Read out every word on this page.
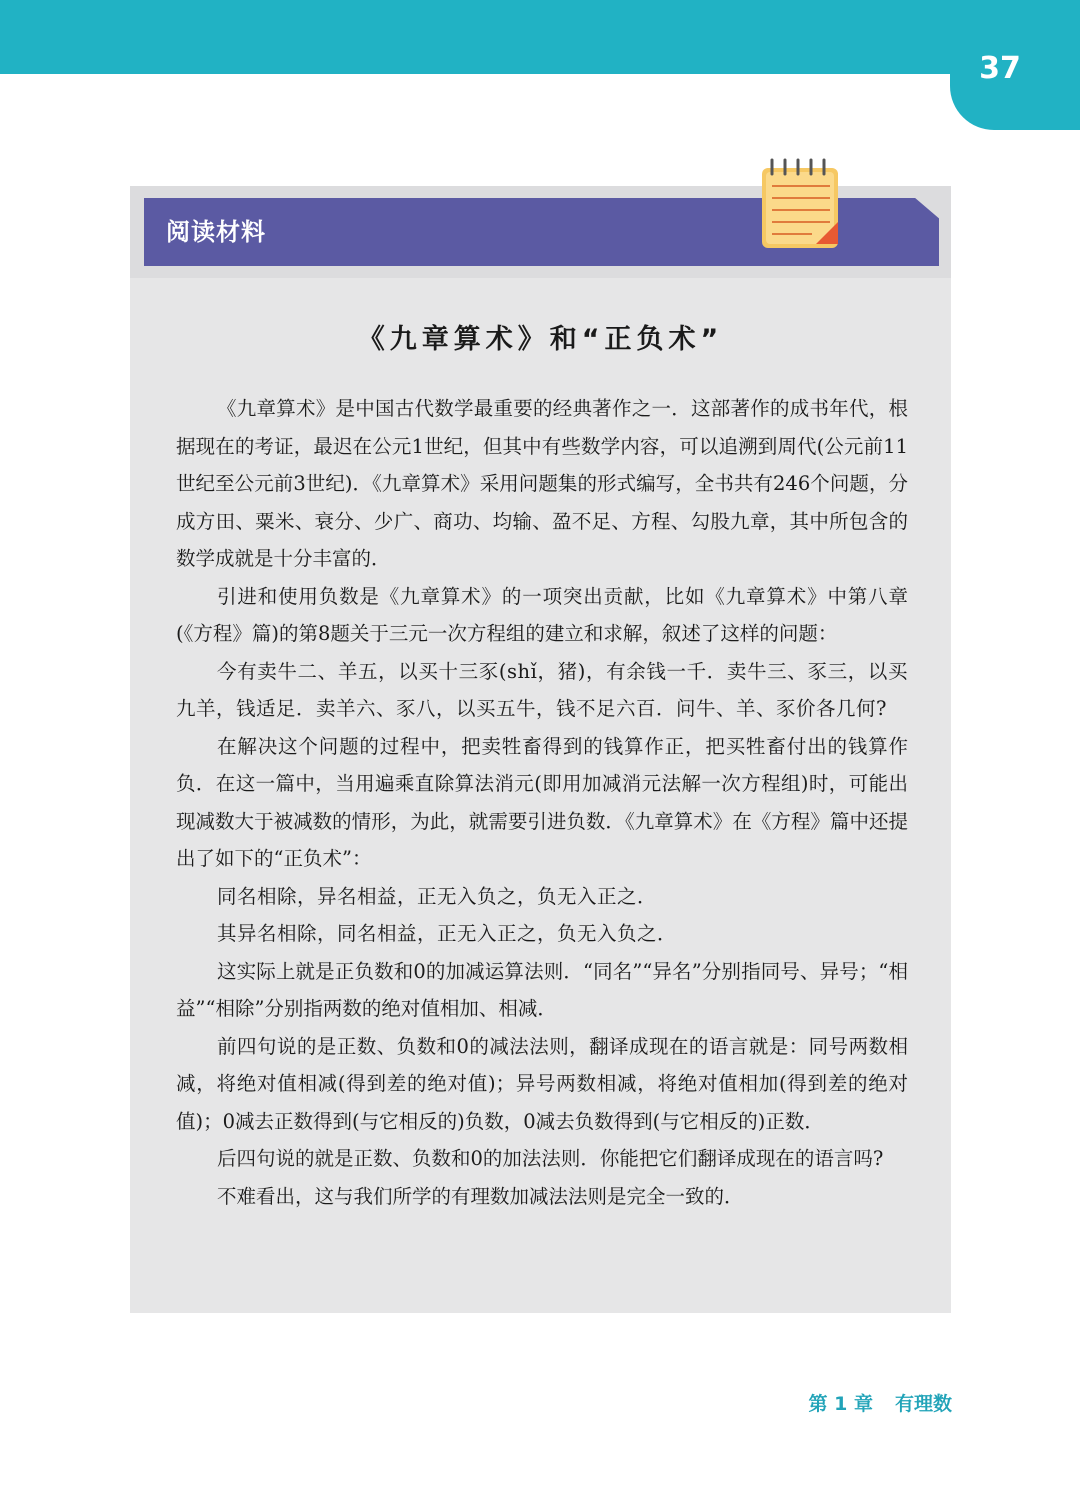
37
阅读材料
《九章算术》和“正负术”

《九章算术》是中国古代数学最重要的经典著作之一．这部著作的成书年代，根据现在的考证，最迟在公元1世纪，但其中有些数学内容，可以追溯到周代(公元前11世纪至公元前3世纪)．《九章算术》采用问题集的形式编写，全书共有246个问题，分成方田、粟米、衰分、少广、商功、均输、盈不足、方程、勾股九章，其中所包含的数学成就是十分丰富的．

引进和使用负数是《九章算术》的一项突出贡献，比如《九章算术》中第八章(《方程》篇)的第8题关于三元一次方程组的建立和求解，叙述了这样的问题：

今有卖牛二、羊五，以买十三豕(shǐ，猪)，有余钱一千．卖牛三、豕三，以买九羊，钱适足．卖羊六、豕八，以买五牛，钱不足六百．问牛、羊、豕价各几何?

在解决这个问题的过程中，把卖牲畜得到的钱算作正，把买牲畜付出的钱算作负．在这一篇中，当用遍乘直除算法消元(即用加减消元法解一次方程组)时，可能出现减数大于被减数的情形，为此，就需要引进负数．《九章算术》在《方程》篇中还提出了如下的“正负术”：

同名相除，异名相益，正无入负之，负无入正之．

其异名相除，同名相益，正无入正之，负无入负之．

这实际上就是正负数和0的加减运算法则．“同名”“异名”分别指同号、异号；“相益”“相除”分别指两数的绝对值相加、相减．

前四句说的是正数、负数和0的减法法则，翻译成现在的语言就是：同号两数相减，将绝对值相减(得到差的绝对值)；异号两数相减，将绝对值相加(得到差的绝对值)；0减去正数得到(与它相反的)负数，0减去负数得到(与它相反的)正数．

后四句说的就是正数、负数和0的加法法则．你能把它们翻译成现在的语言吗?

不难看出，这与我们所学的有理数加减法法则是完全一致的．

第 1 章 有理数
